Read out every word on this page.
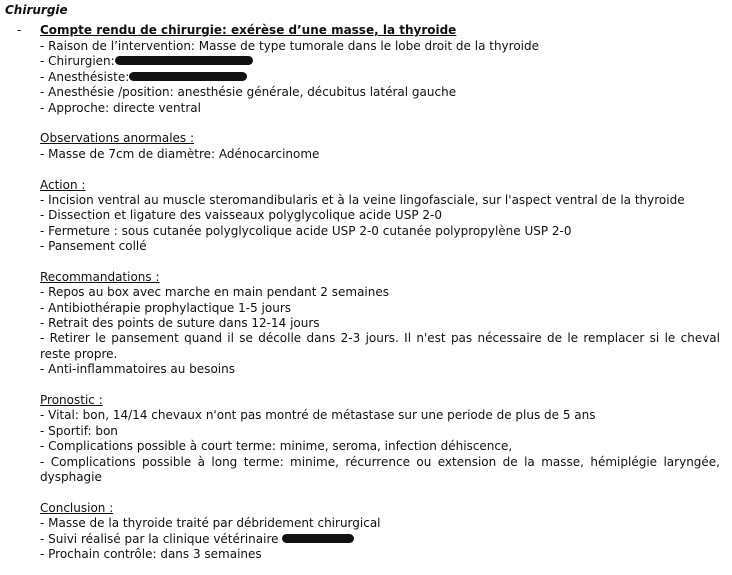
Chirurgie
- Compte rendu de chirurgie: exérèse d’une masse, la thyroide
- Raison de l’intervention: Masse de type tumorale dans le lobe droit de la thyroide
- Chirurgien:
- Anesthésiste:
- Anesthésie /position: anesthésie générale, décubitus latéral gauche
- Approche: directe ventral
Observations anormales :
- Masse de 7cm de diamètre: Adénocarcinome
Action :
- Incision ventral au muscle steromandibularis et à la veine lingofasciale, sur l'aspect ventral de la thyroide
- Dissection et ligature des vaisseaux polyglycolique acide USP 2-0
- Fermeture : sous cutanée polyglycolique acide USP 2-0 cutanée polypropylène USP 2-0
- Pansement collé
Recommandations :
- Repos au box avec marche en main pendant 2 semaines
- Antibiothérapie prophylactique 1-5 jours
- Retrait des points de suture dans 12-14 jours
- Retirer le pansement quand il se décolle dans 2-3 jours. Il n'est pas nécessaire de le remplacer si le cheval reste propre.
- Anti-inflammatoires au besoins
Pronostic :
- Vital: bon, 14/14 chevaux n'ont pas montré de métastase sur une periode de plus de 5 ans
- Sportif: bon
- Complications possible à court terme: minime, seroma, infection déhiscence,
- Complications possible à long terme: minime, récurrence ou extension de la masse, hémiplégie laryngée, dysphagie
Conclusion :
- Masse de la thyroide traité par débridement chirurgical
- Suivi réalisé par la clinique vétérinaire
- Prochain contrôle: dans 3 semaines
